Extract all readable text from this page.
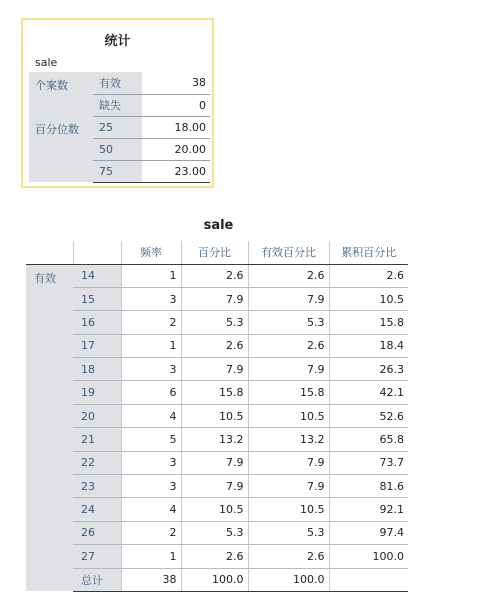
统计
sale
个案数	有效	38
	缺失	0
百分位数	25	18.00
	50	20.00
	75	23.00
sale
		频率	百分比	有效百分比	累积百分比
有效	14	1	2.6	2.6	2.6
	15	3	7.9	7.9	10.5
	16	2	5.3	5.3	15.8
	17	1	2.6	2.6	18.4
	18	3	7.9	7.9	26.3
	19	6	15.8	15.8	42.1
	20	4	10.5	10.5	52.6
	21	5	13.2	13.2	65.8
	22	3	7.9	7.9	73.7
	23	3	7.9	7.9	81.6
	24	4	10.5	10.5	92.1
	26	2	5.3	5.3	97.4
	27	1	2.6	2.6	100.0
	总计	38	100.0	100.0	
